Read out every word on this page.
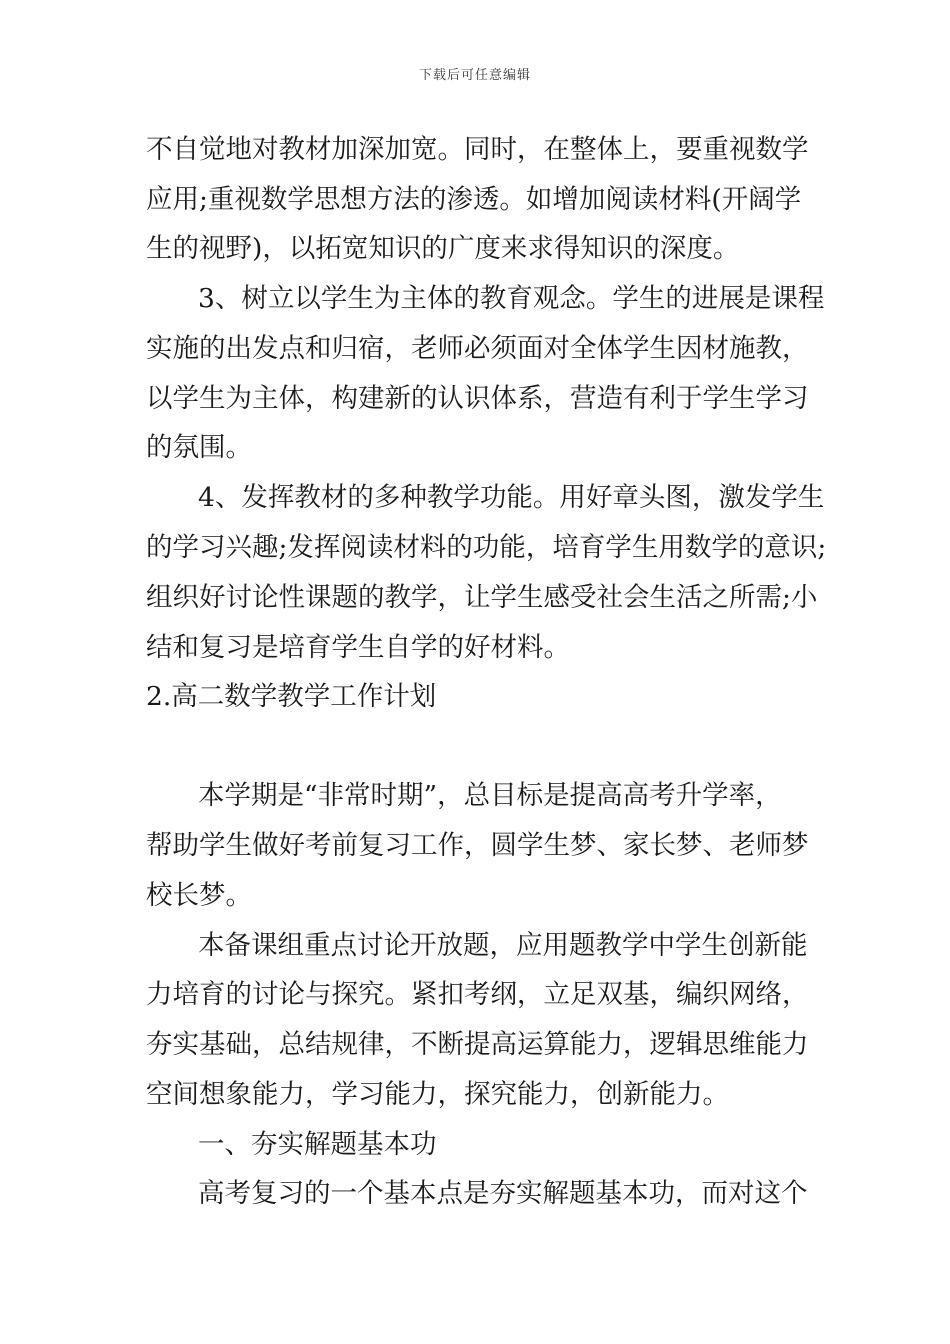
下载后可任意编辑
不自觉地对教材加深加宽。同时，在整体上，要重视数学
应用;重视数学思想方法的渗透。如增加阅读材料(开阔学
生的视野)，以拓宽知识的广度来求得知识的深度。
3、树立以学生为主体的教育观念。学生的进展是课程
实施的出发点和归宿，老师必须面对全体学生因材施教，
以学生为主体，构建新的认识体系，营造有利于学生学习
的氛围。
4、发挥教材的多种教学功能。用好章头图，激发学生
的学习兴趣;发挥阅读材料的功能，培育学生用数学的意识;
组织好讨论性课题的教学，让学生感受社会生活之所需;小
结和复习是培育学生自学的好材料。
2.高二数学教学工作计划
本学期是“非常时期”，总目标是提高高考升学率，
帮助学生做好考前复习工作，圆学生梦、家长梦、老师梦
校长梦。
本备课组重点讨论开放题，应用题教学中学生创新能
力培育的讨论与探究。紧扣考纲，立足双基，编织网络，
夯实基础，总结规律，不断提高运算能力，逻辑思维能力
空间想象能力，学习能力，探究能力，创新能力。
一、夯实解题基本功
高考复习的一个基本点是夯实解题基本功，而对这个
